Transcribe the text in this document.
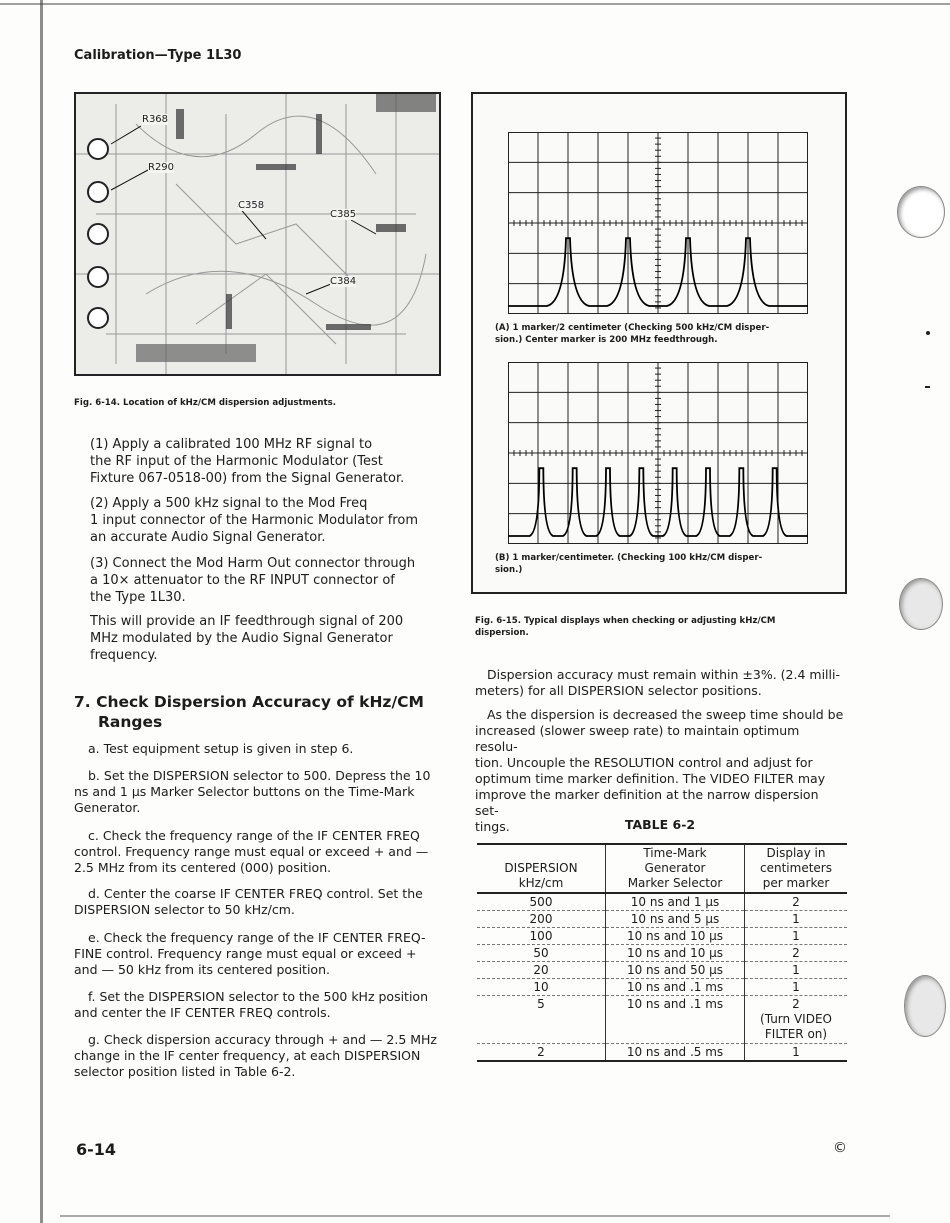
Calibration—Type 1L30
R368
R290
C358
C385
C384
Fig. 6-14. Location of kHz/CM dispersion adjustments.

(1) Apply a calibrated 100 MHz RF signal to
the RF input of the Harmonic Modulator (Test
Fixture 067-0518-00) from the Signal Generator.

(2) Apply a 500 kHz signal to the Mod Freq
1 input connector of the Harmonic Modulator from
an accurate Audio Signal Generator.

(3) Connect the Mod Harm Out connector through
a 10× attenuator to the RF INPUT connector of
the Type 1L30.

This will provide an IF feedthrough signal of 200
MHz modulated by the Audio Signal Generator
frequency.

7. Check Dispersion Accuracy of kHz/CM
Ranges

a. Test equipment setup is given in step 6.

b. Set the DISPERSION selector to 500. Depress the 10
ns and 1 μs Marker Selector buttons on the Time-Mark
Generator.

c. Check the frequency range of the IF CENTER FREQ
control. Frequency range must equal or exceed + and —
2.5 MHz from its centered (000) position.

d. Center the coarse IF CENTER FREQ control. Set the
DISPERSION selector to 50 kHz/cm.

e. Check the frequency range of the IF CENTER FREQ-
FINE control. Frequency range must equal or exceed +
and — 50 kHz from its centered position.

f. Set the DISPERSION selector to the 500 kHz position
and center the IF CENTER FREQ controls.

g. Check dispersion accuracy through + and — 2.5 MHz
change in the IF center frequency, at each DISPERSION
selector position listed in Table 6-2.

(A) 1 marker/2 centimeter (Checking 500 kHz/CM disper-
sion.) Center marker is 200 MHz feedthrough.
(B) 1 marker/centimeter. (Checking 100 kHz/CM disper-
sion.)
Fig. 6-15. Typical displays when checking or adjusting kHz/CM
dispersion.

Dispersion accuracy must remain within ±3%. (2.4 milli-
meters) for all DISPERSION selector positions.

As the dispersion is decreased the sweep time should be
increased (slower sweep rate) to maintain optimum resolu-
tion. Uncouple the RESOLUTION control and adjust for
optimum time marker definition. The VIDEO FILTER may
improve the marker definition at the narrow dispersion set-
tings.	TABLE 6-2
DISPERSION
kHz/cm	Time-Mark
Generator
Marker Selector	Display in
centimeters
per marker
500	10 ns and 1 μs	2
200	10 ns and 5 μs	1
100	10 ns and 10 μs	1
50	10 ns and 10 μs	2
20	10 ns and 50 μs	1
10	10 ns and .1 ms	1
5	10 ns and .1 ms	2
(Turn VIDEO
FILTER on)
2	10 ns and .5 ms	1
6-14	©
